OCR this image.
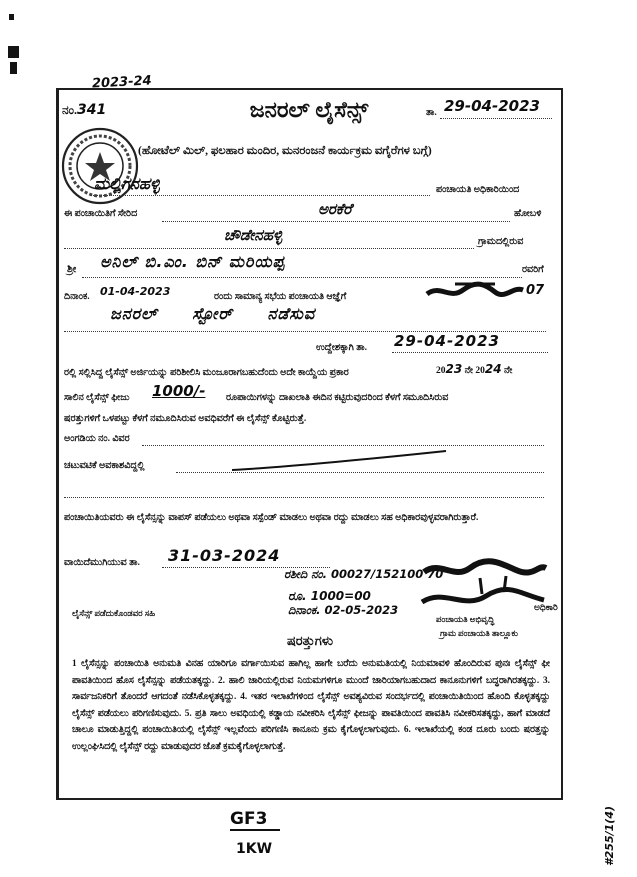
2023-24
ನಂ.341	ಜನರಲ್ ಲೈಸೆನ್ಸ್	ತಾ. 29-04-2023
(ಹೋಟೆಲ್ ಮಿಲ್, ಫಲಹಾರ ಮಂದಿರ, ಮನರಂಜನೆ ಕಾರ್ಯಕ್ರಮ ವಗೈರೆಗಳ ಬಗ್ಗೆ)
ಮಲ್ಲಿಗನಹಳ್ಳಿ	ಪಂಚಾಯತಿ ಅಧಿಕಾರಿಯಿಂದ
ಈ ಪಂಚಾಯಿತಿಗೆ ಸೇರಿದ	ಅರಕೆರೆ	ಹೋಬಳಿ
ಚೌಡೇನಹಳ್ಳಿ	ಗ್ರಾಮದಲ್ಲಿರುವ
ಶ್ರೀ ಅನಿಲ್ ಬಿ.ಎಂ. ಬಿನ್ ಮರಿಯಪ್ಪ	ರವರಿಗೆ
ದಿನಾಂಕ. 01-04-2023	ರಂದು ಸಾಮಾನ್ಯ ಸಭೆಯ ಪಂಚಾಯತಿ ಆಜ್ಞೆಗೆ	07
ಜನರಲ್ ಸ್ಟೋರ್ ನಡೆಸುವ
ಉದ್ದೇಶಕ್ಕಾಗಿ ತಾ.	29-04-2023
ರಲ್ಲಿ ಸಲ್ಲಿಸಿದ್ದ ಲೈಸೆನ್ಸ್ ಅರ್ಜಿಯನ್ನು ಪರಿಶೀಲಿಸಿ ಮಂಜೂರಾಗಬಹುದೆಂದು ಅದೇ ಕಾಯ್ದೆಯ ಪ್ರಕಾರ	2023 ನೇ 2024 ನೇ
ಸಾಲಿನ ಲೈಸೆನ್ಸ್ ಫೀಜು	1000/-	ರೂಪಾಯಿಗಳನ್ನು ದಾಖಲಾತಿ ಈದಿನ ಕಟ್ಟಿರುವುದರಿಂದ ಕೆಳಗೆ ಸಮೂದಿಸಿರುವ
ಷರತ್ತುಗಳಿಗೆ ಒಳಪಟ್ಟು ಕೆಳಗೆ ನಮೂದಿಸಿರುವ ಅವಧಿವರೆಗೆ ಈ ಲೈಸೆನ್ಸ್ ಕೊಟ್ಟಿರುತ್ತೆ.
ಅಂಗಡಿಯ ನಂ. ವಿವರ
ಚಟುವಟಿಕೆ ಅವಕಾಶವಿದ್ದಲ್ಲಿ
ಪಂಚಾಯಿತಿಯವರು ಈ ಲೈಸೆನ್ಸನ್ನು ವಾಪಸ್ ಪಡೆಯಲು ಅಥವಾ ಸಸ್ಪೆಂಡ್ ಮಾಡಲು ಅಥವಾ ರದ್ದು ಮಾಡಲು ಸಹ ಅಧಿಕಾರವುಳ್ಳವರಾಗಿರುತ್ತಾರೆ.
ವಾಯಿದೆಮುಗಿಯುವ ತಾ.	31-03-2024
ರಶೀದಿ ನಂ. 00027/152100 70
ರೂ. 1000=00
ದಿನಾಂಕ. 02-05-2023	ಅಧಿಕಾರಿ
ಪಂಚಾಯತಿ ಅಭಿವೃದ್ಧಿ
ಗ್ರಾಮ ಪಂಚಾಯತಿ ತಾಲ್ಲೂಕು
ಲೈಸೆನ್ಸ್ ಪಡೆದುಕೊಂಡವರ ಸಹಿ
ಷರತ್ತುಗಳು
1 ಲೈಸೆನ್ಸನ್ನು ಪಂಚಾಯಿತಿ ಅನುಮತಿ ವಿನಹ ಯಾರಿಗೂ ವರ್ಗಾಯಿಸುವ ಹಾಗಿಲ್ಲ ಹಾಗೇ ಬರೆದು ಅನುಮತಿಯಲ್ಲಿ ನಿಯಮಾವಳಿ ಹೊಂದಿರುವ ಪುನಃ ಲೈಸೆನ್ಸ್ ಫೀ ಪಾವತಿಯಿಂದ ಹೊಸ ಲೈಸೆನ್ಸನ್ನು ಪಡೆಯತಕ್ಕದ್ದು. 2. ಹಾಲಿ ಜಾರಿಯಲ್ಲಿರುವ ನಿಯಮಗಳಿಗೂ ಮುಂದೆ ಜಾರಿಯಾಗಬಹುದಾದ ಕಾನೂನುಗಳಿಗೆ ಬದ್ಧರಾಗಿರತಕ್ಕದ್ದು. 3. ಸಾರ್ವಜನಿಕರಿಗೆ ತೊಂದರೆ ಆಗದಂತೆ ನಡೆಸಿಕೊಳ್ಳತಕ್ಕದ್ದು. 4. ಇತರ ಇಲಾಖೆಗಳಿಂದ ಲೈಸೆನ್ಸ್ ಅವಶ್ಯವಿರುವ ಸಂದರ್ಭದಲ್ಲಿ ಪಂಚಾಯಿತಿಯಿಂದ ಹೊಂದಿ ಕೊಳ್ಳತಕ್ಕದ್ದು ಲೈಸೆನ್ಸ್ ಪಡೆಯಲು ಪರಿಗಣಿಸುವುದು. 5. ಪ್ರತಿ ಸಾಲು ಅವಧಿಯಲ್ಲಿ ಕಡ್ಡಾಯ ನವೀಕರಿಸಿ ಲೈಸೆನ್ಸ್ ಫೀಜನ್ನು ಪಾವತಿಯಿಂದ ಪಾವತಿಸಿ ನವೀಕರಿಸತಕ್ಕದ್ದು, ಹಾಗೆ ಮಾಡದೆ ಚಾಲೂ ಮಾಡುತ್ತಿದ್ದಲ್ಲಿ ಪಂಚಾಯಿತಿಯಲ್ಲಿ ಲೈಸೆನ್ಸ್ ಇಲ್ಲವೆಂದು ಪರಿಗಣಿಸಿ ಕಾನೂನು ಕ್ರಮ ಕೈಗೊಳ್ಳಲಾಗುವುದು. 6. ಇಲಾಖೆಯಲ್ಲಿ ಕಂಡ ದೂರು ಬಂದು ಷರತ್ತನ್ನು ಉಲ್ಲಂಘಿಸಿದಲ್ಲಿ ಲೈಸೆನ್ಸ್ ರದ್ದು ಮಾಡುವುದರ ಜೊತೆ ಕ್ರಮಕೈಗೊಳ್ಳಲಾಗುತ್ತೆ.
GF3
1KW	#255/1(4)
